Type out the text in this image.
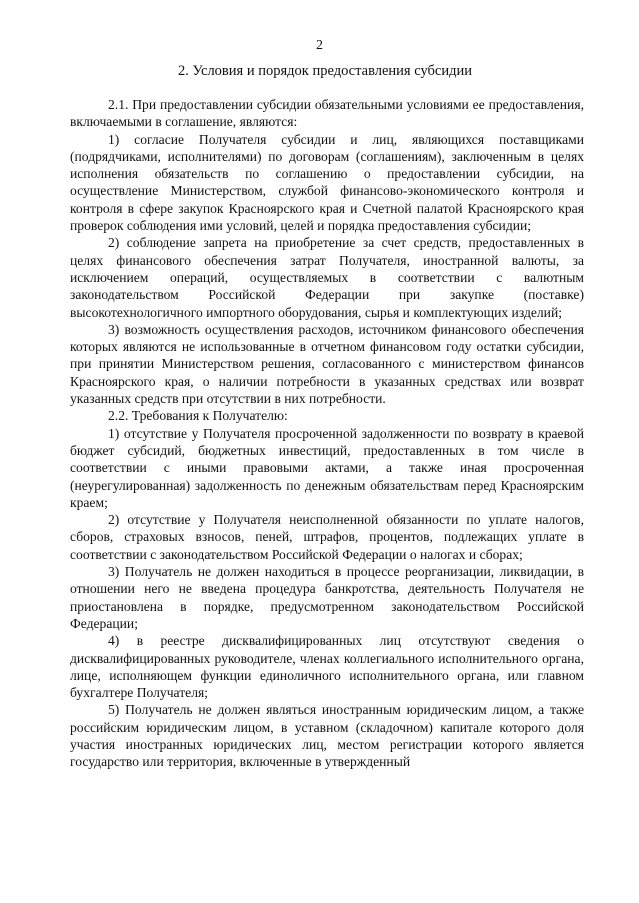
2
2. Условия и порядок предоставления субсидии

2.1. При предоставлении субсидии обязательными условиями ее предоставления, включаемыми в соглашение, являются:

1) согласие Получателя субсидии и лиц, являющихся поставщиками (подрядчиками, исполнителями) по договорам (соглашениям), заключенным в целях исполнения обязательств по соглашению о предоставлении субсидии, на осуществление Министерством, службой финансово-экономического контроля и контроля в сфере закупок Красноярского края и Счетной палатой Красноярского края проверок соблюдения ими условий, целей и порядка предоставления субсидии;

2) соблюдение запрета на приобретение за счет средств, предоставленных в целях финансового обеспечения затрат Получателя, иностранной валюты, за исключением операций, осуществляемых в соответствии с валютным законодательством Российской Федерации при закупке (поставке) высокотехнологичного импортного оборудования, сырья и комплектующих изделий;

3) возможность осуществления расходов, источником финансового обеспечения которых являются не использованные в отчетном финансовом году остатки субсидии, при принятии Министерством решения, согласованного с министерством финансов Красноярского края, о наличии потребности в указанных средствах или возврат указанных средств при отсутствии в них потребности.

2.2. Требования к Получателю:

1) отсутствие у Получателя просроченной задолженности по возврату в краевой бюджет субсидий, бюджетных инвестиций, предоставленных в том числе в соответствии с иными правовыми актами, а также иная просроченная (неурегулированная) задолженность по денежным обязательствам перед Красноярским краем;

2) отсутствие у Получателя неисполненной обязанности по уплате налогов, сборов, страховых взносов, пеней, штрафов, процентов, подлежащих уплате в соответствии с законодательством Российской Федерации о налогах и сборах;

3) Получатель не должен находиться в процессе реорганизации, ликвидации, в отношении него не введена процедура банкротства, деятельность Получателя не приостановлена в порядке, предусмотренном законодательством Российской Федерации;

4) в реестре дисквалифицированных лиц отсутствуют сведения о дисквалифицированных руководителе, членах коллегиального исполнительного органа, лице, исполняющем функции единоличного исполнительного органа, или главном бухгалтере Получателя;

5) Получатель не должен являться иностранным юридическим лицом, а также российским юридическим лицом, в уставном (складочном) капитале которого доля участия иностранных юридических лиц, местом регистрации которого является государство или территория, включенные в утвержденный
